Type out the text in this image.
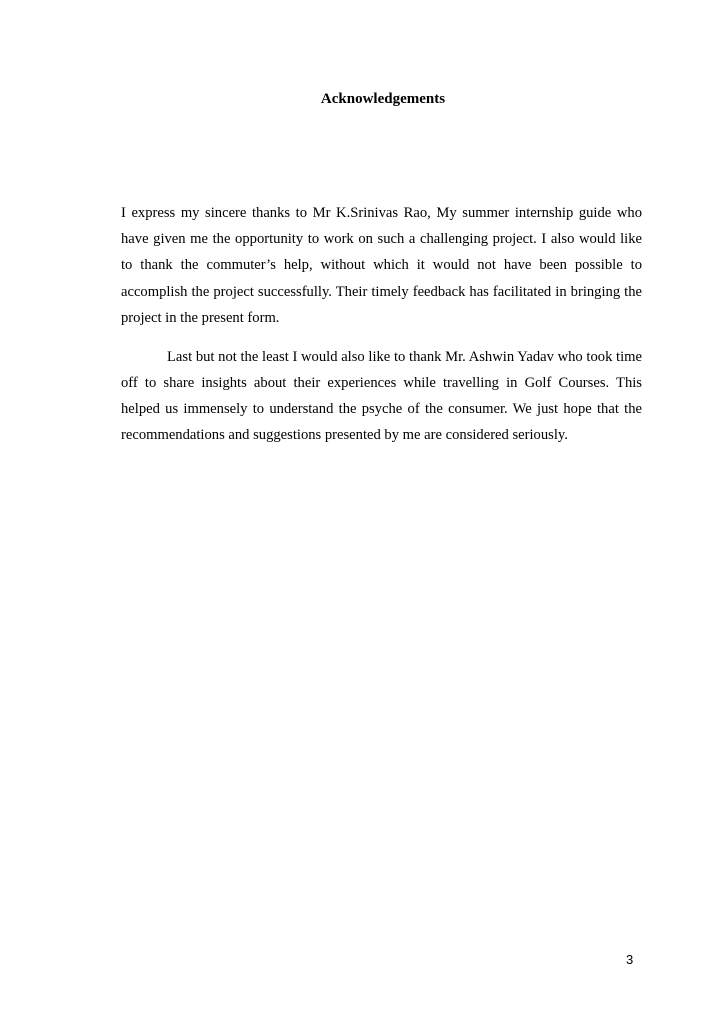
Acknowledgements

I express my sincere thanks to Mr K.Srinivas Rao, My summer internship guide who have given me the opportunity to work on such a challenging project. I also would like to thank the commuter’s help, without which it would not have been possible to accomplish the project successfully. Their timely feedback has facilitated in bringing the project in the present form.

Last but not the least I would also like to thank Mr. Ashwin Yadav who took time off to share insights about their experiences while travelling in Golf Courses. This helped us immensely to understand the psyche of the consumer. We just hope that the recommendations and suggestions presented by me are considered seriously.

3
